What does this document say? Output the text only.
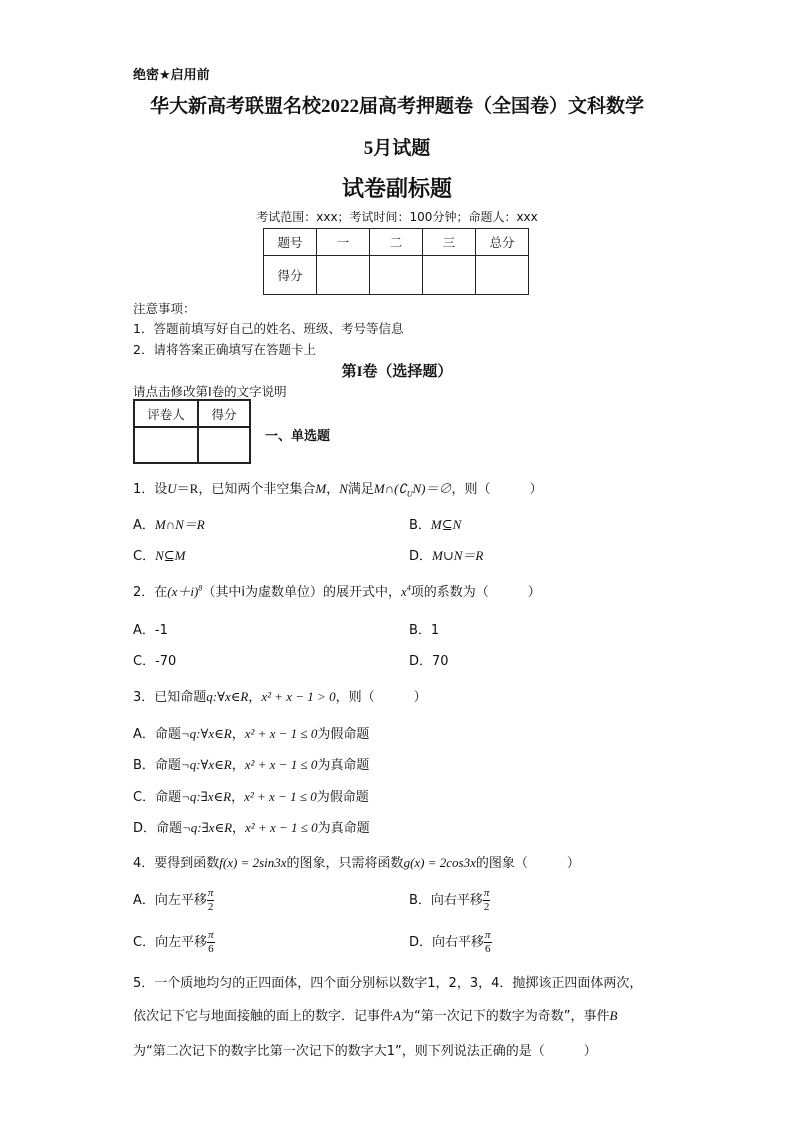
绝密★启用前
华大新高考联盟名校2022届高考押题卷（全国卷）文科数学
5月试题
试卷副标题
考试范围：xxx；考试时间：100分钟；命题人：xxx
题号	一	二	三	总分
得分				
注意事项：
1．答题前填写好自己的姓名、班级、考号等信息
2．请将答案正确填写在答题卡上
第I卷（选择题）
请点击修改第I卷的文字说明
评卷人	得分

一、单选题
1．设U＝R，已知两个非空集合M，N满足$M\cap(∁_UN)=\emptyset$，则（　　　）
A．M∩N＝R	B．M⊆N
C．N⊆M	D．M∪N＝R
2．在$(x+i)^8$（其中i为虚数单位）的展开式中，$x^4$项的系数为（　　　）
A．-1	B．1
C．-70	D．70
3．已知命题q:∀x∈R，x² + x − 1 > 0，则（　　　）
A．命题¬q:∀x∈R，x² + x − 1 ≤ 0为假命题
B．命题¬q:∀x∈R，x² + x − 1 ≤ 0为真命题
C．命题¬q:∃x∈R，x² + x − 1 ≤ 0为假命题
D．命题¬q:∃x∈R，x² + x − 1 ≤ 0为真命题
4．要得到函数f(x) = 2sin3x的图象，只需将函数g(x) = 2cos3x的图象（　　　）
A．向左平移 $\frac{\pi}{2}$	B．向右平移 $\frac{\pi}{2}$
C．向左平移 $\frac{\pi}{6}$	D．向右平移 $\frac{\pi}{6}$
5．一个质地均匀的正四面体，四个面分别标以数字1，2，3，4．抛掷该正四面体两次，
依次记下它与地面接触的面上的数字．记事件A为“第一次记下的数字为奇数”，事件B
为“第二次记下的数字比第一次记下的数字大1”，则下列说法正确的是（　　　）
